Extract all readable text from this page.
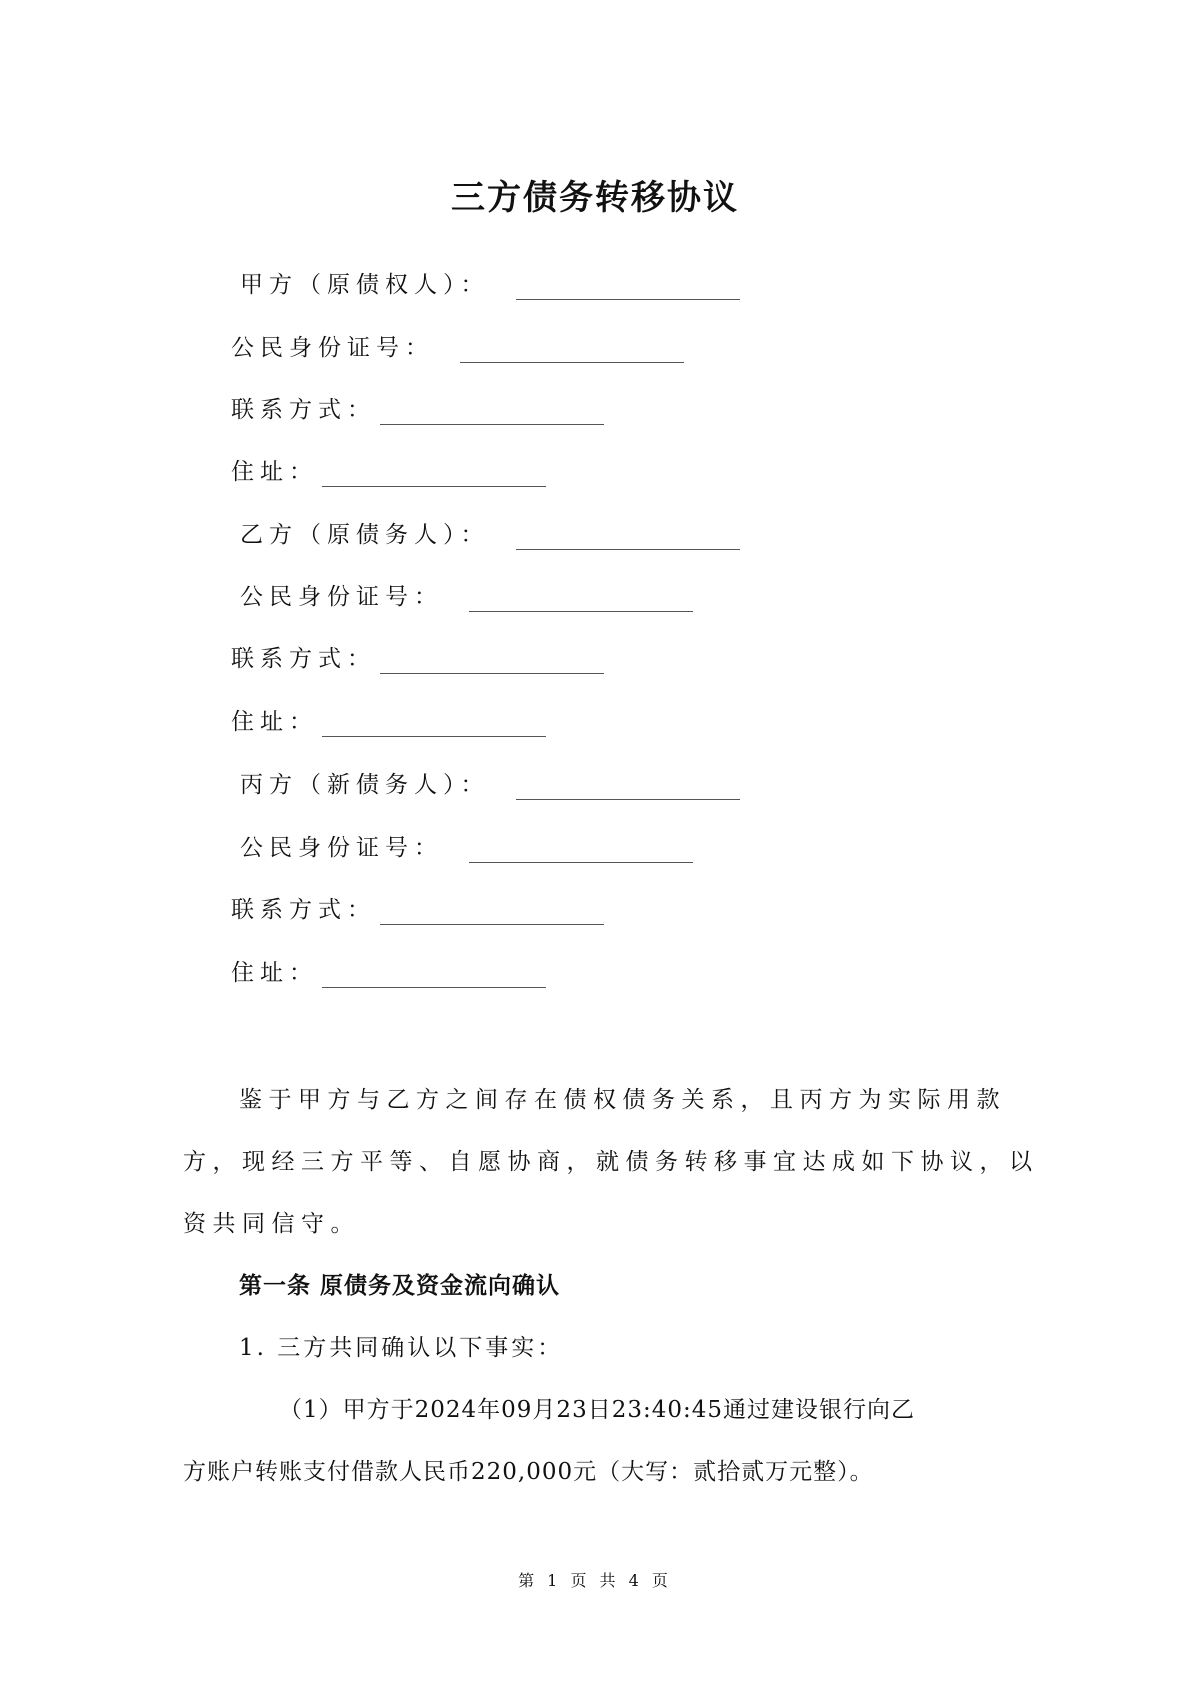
三方债务转移协议
甲方（原债权人）：
公民身份证号：
联系方式：
住址：
乙方（原债务人）：
公民身份证号：
联系方式：
住址：
丙方（新债务人）：
公民身份证号：
联系方式：
住址：
鉴于甲方与乙方之间存在债权债务关系，且丙方为实际用款
方，现经三方平等、自愿协商，就债务转移事宜达成如下协议，以
资共同信守。
第一条 原债务及资金流向确认
1. 三方共同确认以下事实：
（1）甲方于2024年09月23日23:40:45通过建设银行向乙
方账户转账支付借款人民币220,000元（大写：贰拾贰万元整）。
第 1 页 共 4 页
